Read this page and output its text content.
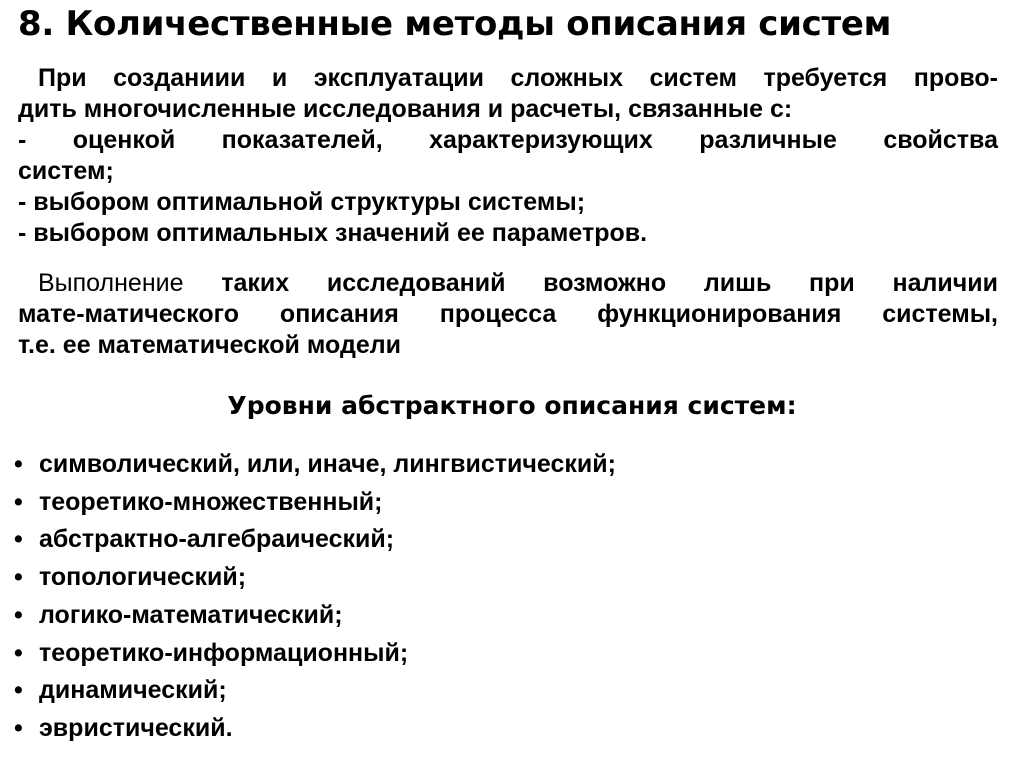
8. Количественные методы описания систем

При созданиии и эксплуатации сложных систем требуется прово-

дить многочисленные исследования и расчеты, связанные с:

- оценкой показателей, характеризующих различные свойства

систем;

- выбором оптимальной структуры системы;

- выбором оптимальных значений ее параметров.

Выполнение таких исследований возможно лишь при наличии
мате-матического описания процесса функционирования системы,
т.е. ее математической модели
Уровни абстрактного описания систем:
• символический, или, иначе, лингвистический;
• теоретико-множественный;
• абстрактно-алгебраический;
• топологический;
• логико-математический;
• теоретико-информационный;
• динамический;
• эвристический.
